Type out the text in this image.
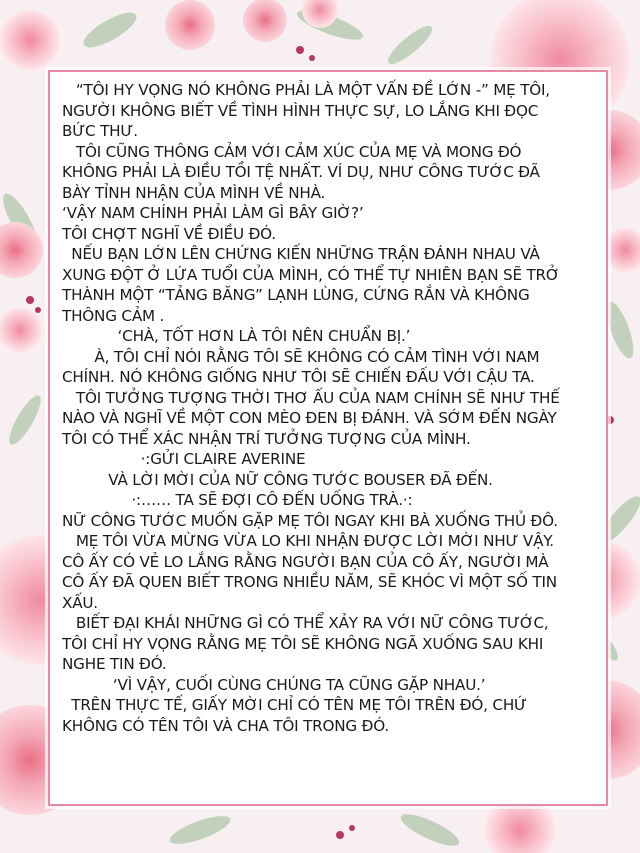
“TÔI HY VỌNG NÓ KHÔNG PHẢI LÀ MỘT VẤN ĐỀ LỚN -” MẸ TÔI,

NGƯỜI KHÔNG BIẾT VỀ TÌNH HÌNH THỰC SỰ, LO LẮNG KHI ĐỌC

BỨC THƯ.

TÔI CŨNG THÔNG CẢM VỚI CẢM XÚC CỦA MẸ VÀ MONG ĐÓ

KHÔNG PHẢI LÀ ĐIỀU TỒI TỆ NHẤT. VÍ DỤ, NHƯ CÔNG TƯỚC ĐÃ

BÀY TỈNH NHẬN CỦA MÌNH VỀ NHÀ.

‘VẬY NAM CHÍNH PHẢI LÀM GÌ BÂY GIỜ?’

TÔI CHỢT NGHĨ VỀ ĐIỀU ĐÓ.

NẾU BẠN LỚN LÊN CHỨNG KIẾN NHỮNG TRẬN ĐÁNH NHAU VÀ

XUNG ĐỘT Ở LỨA TUỔI CỦA MÌNH, CÓ THỂ TỰ NHIÊN BẠN SẼ TRỞ

THÀNH MỘT “TẢNG BĂNG” LẠNH LÙNG, CỨNG RẮN VÀ KHÔNG

THÔNG CẢM .

‘CHÀ, TỐT HƠN LÀ TÔI NÊN CHUẨN BỊ.’

À, TÔI CHỈ NÓI RẰNG TÔI SẼ KHÔNG CÓ CẢM TÌNH VỚI NAM

CHÍNH. NÓ KHÔNG GIỐNG NHƯ TÔI SẼ CHIẾN ĐẤU VỚI CẬU TA.

TÔI TƯỞNG TƯỢNG THỜI THƠ ẤU CỦA NAM CHÍNH SẼ NHƯ THẾ

NÀO VÀ NGHĨ VỀ MỘT CON MÈO ĐEN BỊ ĐÁNH. VÀ SỚM ĐẾN NGÀY

TÔI CÓ THỂ XÁC NHẬN TRÍ TƯỞNG TƯỢNG CỦA MÌNH.

·:GỬI CLAIRE AVERINE

VÀ LỜI MỜI CỦA NỮ CÔNG TƯỚC BOUSER ĐÃ ĐẾN.

·:…… TA SẼ ĐỢI CÔ ĐẾN UỐNG TRÀ.·:

NỮ CÔNG TƯỚC MUỐN GẶP MẸ TÔI NGAY KHI BÀ XUỐNG THỦ ĐÔ.

MẸ TÔI VỪA MỪNG VỪA LO KHI NHẬN ĐƯỢC LỜI MỜI NHƯ VẬY.

CÔ ẤY CÓ VẺ LO LẮNG RẰNG NGƯỜI BẠN CỦA CÔ ẤY, NGƯỜI MÀ

CÔ ẤY ĐÃ QUEN BIẾT TRONG NHIỀU NĂM, SẼ KHÓC VÌ MỘT SỐ TIN

XẤU.

BIẾT ĐẠI KHÁI NHỮNG GÌ CÓ THỂ XẢY RA VỚI NỮ CÔNG TƯỚC,

TÔI CHỈ HY VỌNG RẰNG MẸ TÔI SẼ KHÔNG NGÃ XUỐNG SAU KHI

NGHE TIN ĐÓ.

‘VÌ VẬY, CUỐI CÙNG CHÚNG TA CŨNG GẶP NHAU.’

TRÊN THỰC TẾ, GIẤY MỜI CHỈ CÓ TÊN MẸ TÔI TRÊN ĐÓ, CHỨ

KHÔNG CÓ TÊN TÔI VÀ CHA TÔI TRONG ĐÓ.
